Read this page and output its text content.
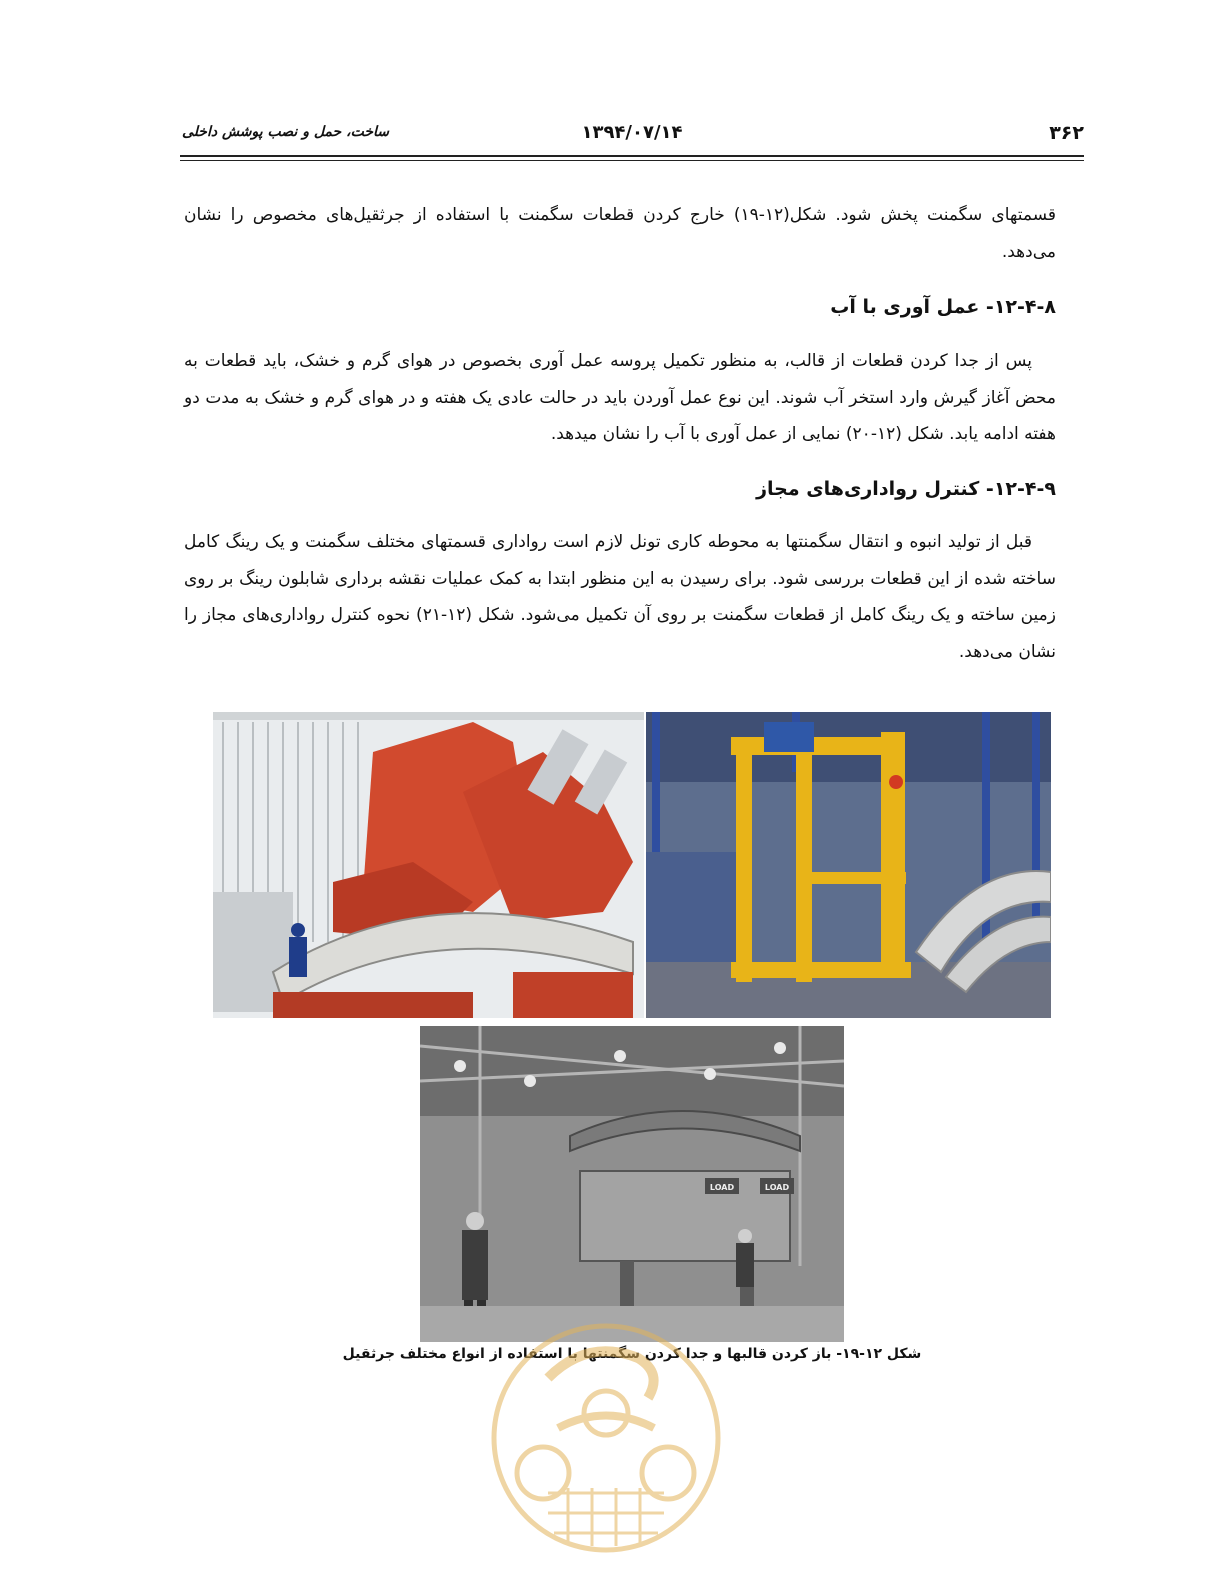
ساخت، حمل و نصب پوشش داخلی	۱۳۹۴/۰۷/۱۴	۳۶۲

قسمتهای سگمنت پخش شود. شکل(۱۲-۱۹) خارج کردن قطعات سگمنت با استفاده از جرثقیل‌های مخصوص را نشان می‌دهد.

۱۲-۴-۸- عمل آوری با آب

پس از جدا کردن قطعات از قالب، به منظور تکمیل پروسه عمل آوری بخصوص در هوای گرم و خشک، باید قطعات به محض آغاز گیرش وارد استخر آب شوند. این نوع عمل آوردن باید در حالت عادی یک هفته و در هوای گرم و خشک به مدت دو هفته ادامه یابد. شکل (۱۲-۲۰) نمایی از عمل آوری با آب را نشان میدهد.

۱۲-۴-۹- کنترل رواداری‌های مجاز

قبل از تولید انبوه و انتقال سگمنتها به محوطه کاری تونل لازم است رواداری قسمتهای مختلف سگمنت و یک رینگ کامل ساخته شده از این قطعات بررسی شود. برای رسیدن به این منظور ابتدا به کمک عملیات نقشه برداری شابلون رینگ بر روی زمین ساخته و یک رینگ کامل از قطعات سگمنت بر روی آن تکمیل می‌شود. شکل (۱۲-۲۱) نحوه کنترل رواداری‌های مجاز را نشان می‌دهد.

LOAD	LOAD
شکل ۱۲-۱۹- باز کردن قالبها و جدا کردن سگمنتها با استفاده از انواع مختلف جرثقیل
